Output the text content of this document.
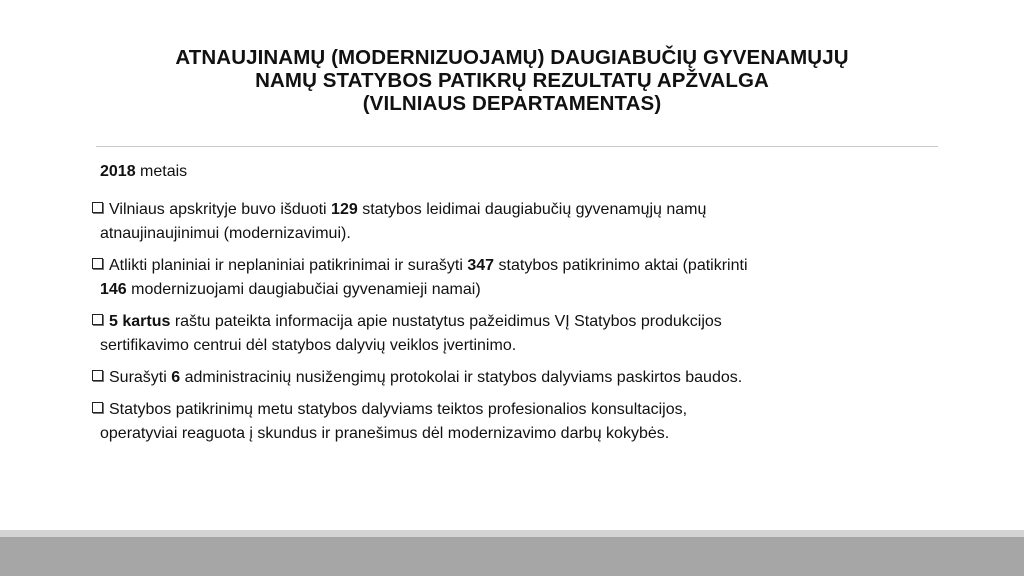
ATNAUJINAMŲ (MODERNIZUOJAMŲ) DAUGIABUČIŲ GYVENAMŲJŲ
NAMŲ STATYBOS PATIKRŲ REZULTATŲ APŽVALGA
(VILNIAUS DEPARTAMENTAS)
2018 metais
Vilniaus apskrityje buvo išduoti 129 statybos leidimai daugiabučių gyvenamųjų namų
atnaujinaujinimui (modernizavimui).
Atlikti planiniai ir neplaniniai patikrinimai ir surašyti 347 statybos patikrinimo aktai (patikrinti
146 modernizuojami daugiabučiai gyvenamieji namai)
5 kartus raštu pateikta informacija apie nustatytus pažeidimus VĮ Statybos produkcijos
sertifikavimo centrui dėl statybos dalyvių veiklos įvertinimo.
Surašyti 6 administracinių nusižengimų protokolai ir statybos dalyviams paskirtos baudos.
Statybos patikrinimų metu statybos dalyviams teiktos profesionalios konsultacijos,
operatyviai reaguota į skundus ir pranešimus dėl modernizavimo darbų kokybės.
